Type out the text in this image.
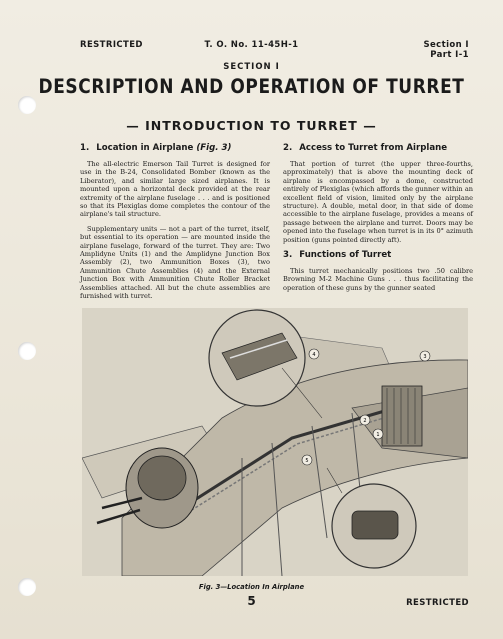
RESTRICTED	T. O. No. 11-45H-1	Section I
Part I-1
SECTION I
DESCRIPTION AND OPERATION OF TURRET
— INTRODUCTION TO TURRET —
1. Location in Airplane (Fig. 3)

The all-electric Emerson Tail Turret is designed for use in the B-24, Consolidated Bomber (known as the Liberator), and similar large sized airplanes. It is mounted upon a horizontal deck provided at the rear extremity of the airplane fuselage . . . and is positioned so that its Plexiglas dome completes the contour of the airplane's tail structure.

Supplementary units — not a part of the turret, itself, but essential to its operation — are mounted inside the airplane fuselage, forward of the turret. They are: Two Amplidyne Units (1) and the Amplidyne Junction Box Assembly (2), two Ammunition Boxes (3), two Ammunition Chute Assemblies (4) and the External Junction Box with Ammunition Chute Roller Bracket Assemblies attached. All but the chute assemblies are furnished with turret.

2. Access to Turret from Airplane

That portion of turret (the upper three-fourths, approximately) that is above the mounting deck of airplane is encompassed by a dome, constructed entirely of Plexiglas (which affords the gunner within an excellent field of vision, limited only by the airplane structure). A double, metal door, in that side of dome accessible to the airplane fuselage, provides a means of passage between the airplane and turret. Doors may be opened into the fuselage when turret is in its 0° azimuth position (guns pointed directly aft).

3. Functions of Turret

This turret mechanically positions two .50 calibre Browning M-2 Machine Guns . . . thus facilitating the operation of these guns by the gunner seated

4	3
2
1
5
Fig. 3—Location In Airplane
5	RESTRICTED
